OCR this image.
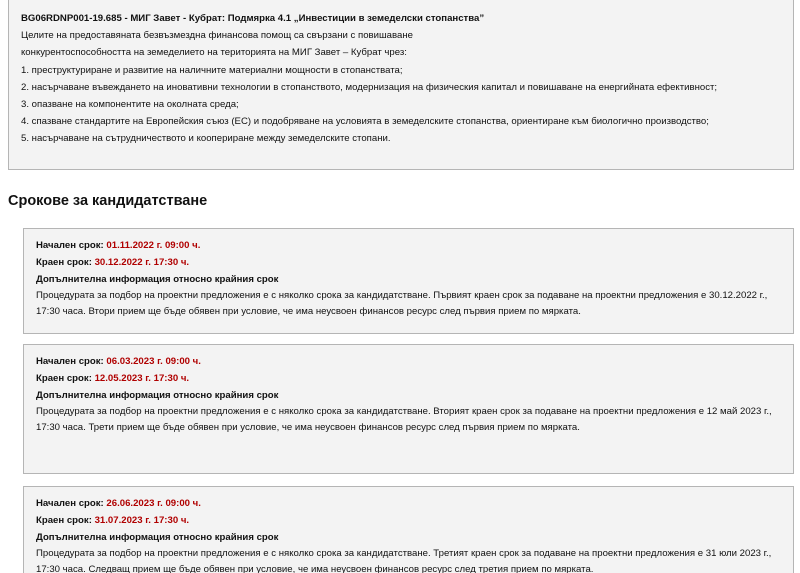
BG06RDNP001-19.685 - МИГ Завет - Кубрат: Подмярка 4.1 „Инвестиции в земеделски стопанства”
Целите на предоставяната безвъзмездна финансова помощ са свързани с повишаване
конкурентоспособността на земеделието на територията на МИГ Завет – Кубрат чрез:
1. преструктуриране и развитие на наличните материални мощности в стопанствата;
2. насърчаване въвеждането на иновативни технологии в стопанството, модернизация на физическия капитал и повишаване на енергийната ефективност;
3. опазване на компонентите на околната среда;
4. спазване стандартите на Европейския съюз (ЕС) и подобряване на условията в земеделските стопанства, ориентиране към биологично производство;
5. насърчаване на сътрудничеството и коопериране между земеделските стопани.
Срокове за кандидатстване
Начален срок: 01.11.2022 г. 09:00 ч.
Краен срок: 30.12.2022 г. 17:30 ч.
Допълнителна информация относно крайния срок
Процедурата за подбор на проектни предложения е с няколко срока за кандидатстване. Първият краен срок за подаване на проектни предложения е 30.12.2022 г., 17:30 часа. Втори прием ще бъде обявен при условие, че има неусвоен финансов ресурс след първия прием по мярката.
Начален срок: 06.03.2023 г. 09:00 ч.
Краен срок: 12.05.2023 г. 17:30 ч.
Допълнителна информация относно крайния срок
Процедурата за подбор на проектни предложения е с няколко срока за кандидатстване. Вторият краен срок за подаване на проектни предложения е 12 май 2023 г., 17:30 часа. Трети прием ще бъде обявен при условие, че има неусвоен финансов ресурс след първия прием по мярката.
Начален срок: 26.06.2023 г. 09:00 ч.
Краен срок: 31.07.2023 г. 17:30 ч.
Допълнителна информация относно крайния срок
Процедурата за подбор на проектни предложения е с няколко срока за кандидатстване. Третият краен срок за подаване на проектни предложения е 31 юли 2023 г., 17:30 часа. Следващ прием ще бъде обявен при условие, че има неусвоен финансов ресурс след третия прием по мярката.
